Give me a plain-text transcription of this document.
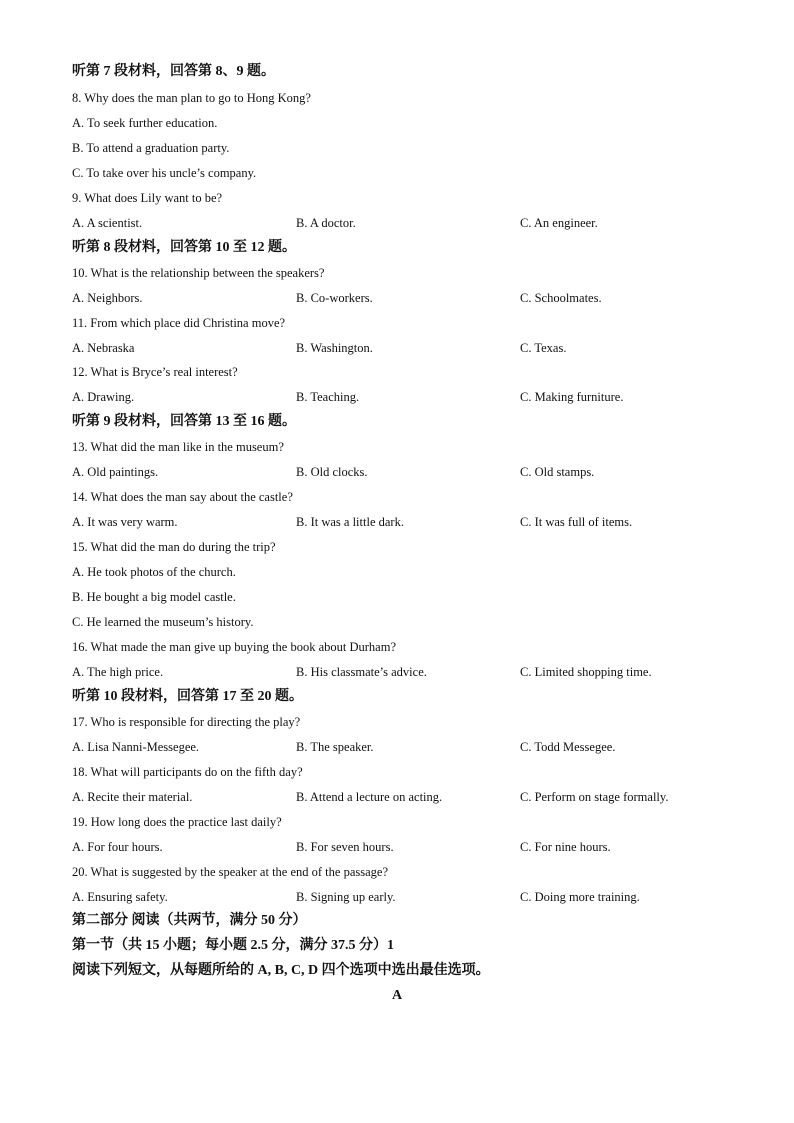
听第 7 段材料，回答第 8、9 题。
8. Why does the man plan to go to Hong Kong?
A. To seek further education.
B. To attend a graduation party.
C. To take over his uncle’s company.
9. What does Lily want to be?
A. A scientist.	B. A doctor.	C. An engineer.
听第 8 段材料，回答第 10 至 12 题。
10. What is the relationship between the speakers?
A. Neighbors.	B. Co-workers.	C. Schoolmates.
11. From which place did Christina move?
A. Nebraska	B. Washington.	C. Texas.
12. What is Bryce’s real interest?
A. Drawing.	B. Teaching.	C. Making furniture.
听第 9 段材料，回答第 13 至 16 题。
13. What did the man like in the museum?
A. Old paintings.	B. Old clocks.	C. Old stamps.
14. What does the man say about the castle?
A. It was very warm.	B. It was a little dark.	C. It was full of items.
15. What did the man do during the trip?
A. He took photos of the church.
B. He bought a big model castle.
C. He learned the museum’s history.
16. What made the man give up buying the book about Durham?
A. The high price.	B. His classmate’s advice.	C. Limited shopping time.
听第 10 段材料，回答第 17 至 20 题。
17. Who is responsible for directing the play?
A. Lisa Nanni-Messegee.	B. The speaker.	C. Todd Messegee.
18. What will participants do on the fifth day?
A. Recite their material.	B. Attend a lecture on acting.	C. Perform on stage formally.
19. How long does the practice last daily?
A. For four hours.	B. For seven hours.	C. For nine hours.
20. What is suggested by the speaker at the end of the passage?
A. Ensuring safety.	B. Signing up early.	C. Doing more training.
第二部分 阅读（共两节，满分 50 分）
第一节（共 15 小题；每小题 2.5 分，满分 37.5 分）1
阅读下列短文，从每题所给的 A, B, C, D 四个选项中选出最佳选项。
A
